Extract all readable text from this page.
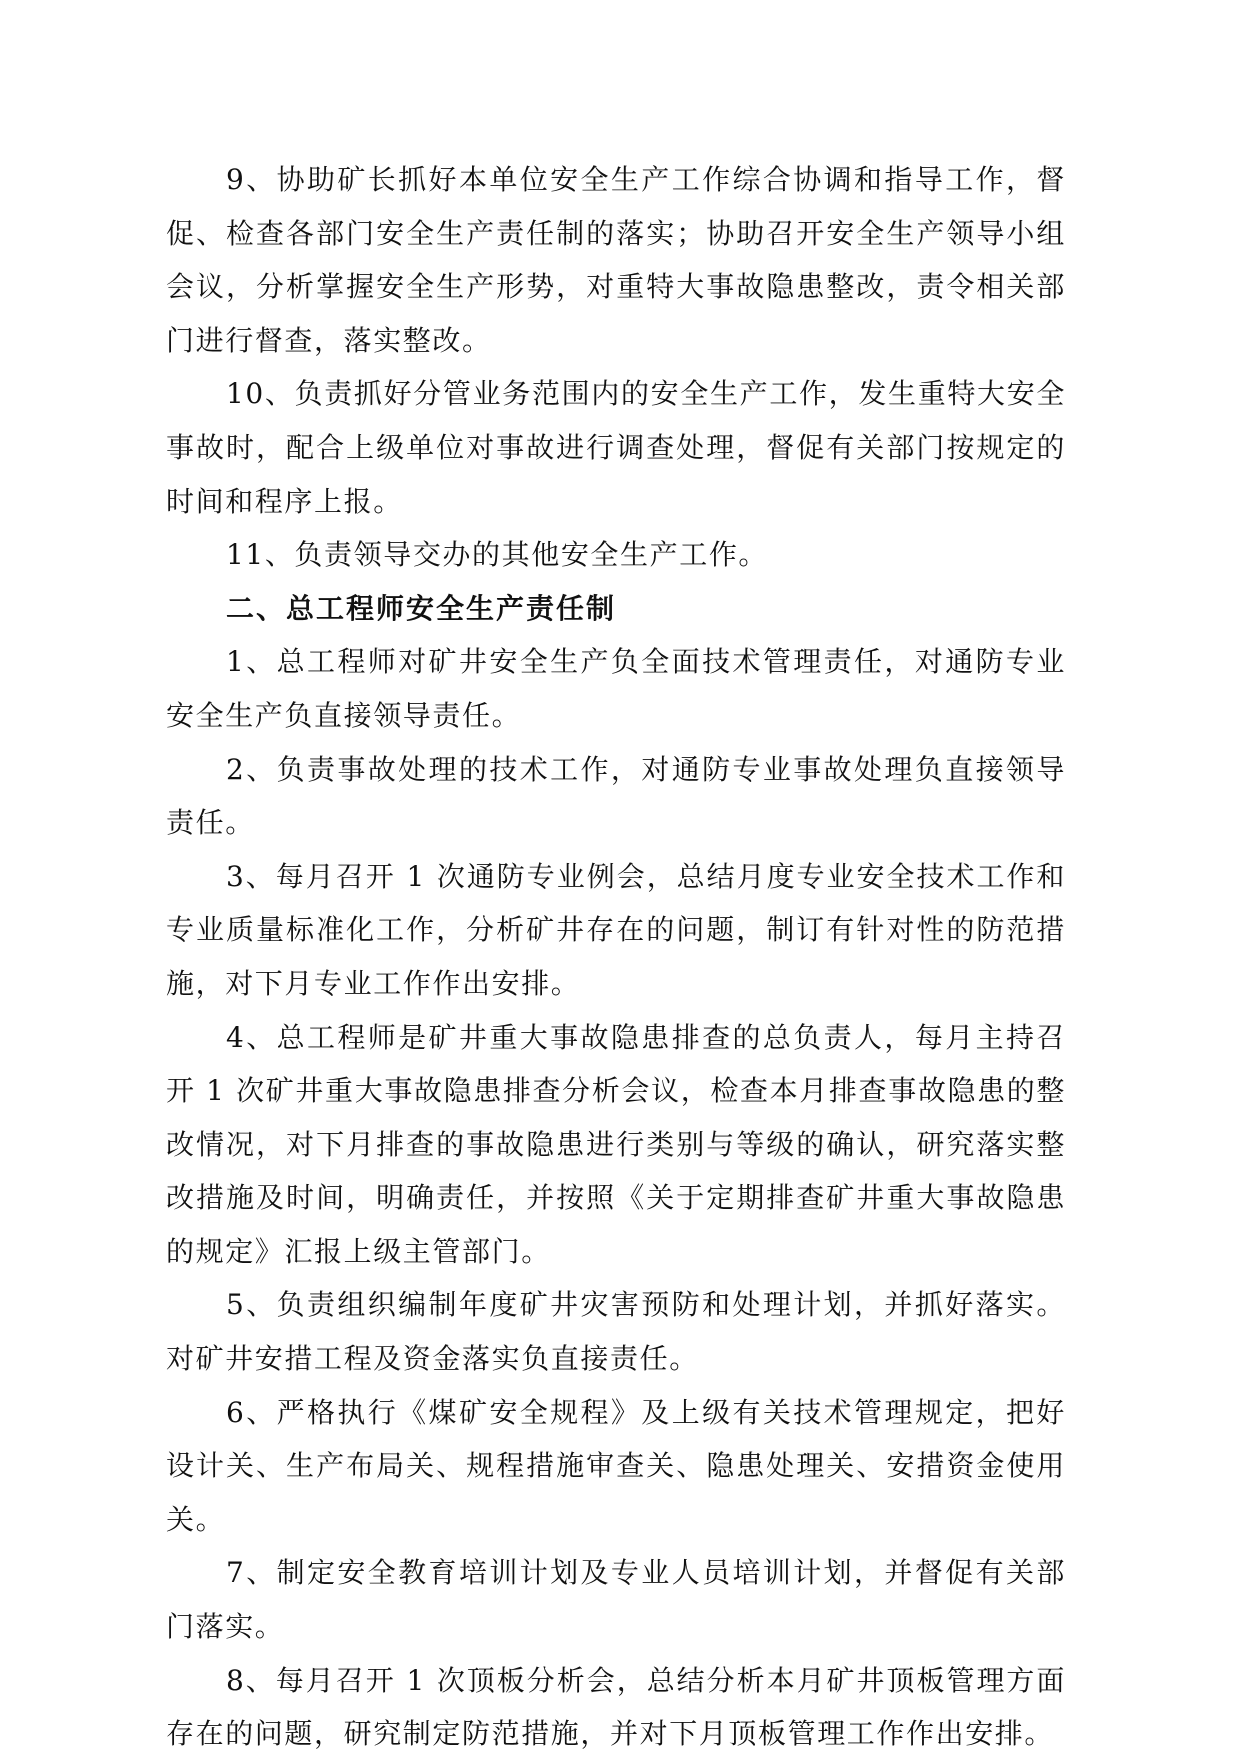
9、协助矿长抓好本单位安全生产工作综合协调和指导工作，督促、检查各部门安全生产责任制的落实；协助召开安全生产领导小组会议，分析掌握安全生产形势，对重特大事故隐患整改，责令相关部门进行督查，落实整改。

10、负责抓好分管业务范围内的安全生产工作，发生重特大安全事故时，配合上级单位对事故进行调查处理，督促有关部门按规定的时间和程序上报。

11、负责领导交办的其他安全生产工作。

二、总工程师安全生产责任制

1、总工程师对矿井安全生产负全面技术管理责任，对通防专业安全生产负直接领导责任。

2、负责事故处理的技术工作，对通防专业事故处理负直接领导责任。

3、每月召开 1 次通防专业例会，总结月度专业安全技术工作和专业质量标准化工作，分析矿井存在的问题，制订有针对性的防范措施，对下月专业工作作出安排。

4、总工程师是矿井重大事故隐患排查的总负责人，每月主持召开 1 次矿井重大事故隐患排查分析会议，检查本月排查事故隐患的整改情况，对下月排查的事故隐患进行类别与等级的确认，研究落实整改措施及时间，明确责任，并按照《关于定期排查矿井重大事故隐患的规定》汇报上级主管部门。

5、负责组织编制年度矿井灾害预防和处理计划，并抓好落实。对矿井安措工程及资金落实负直接责任。

6、严格执行《煤矿安全规程》及上级有关技术管理规定，把好设计关、生产布局关、规程措施审查关、隐患处理关、安措资金使用关。

7、制定安全教育培训计划及专业人员培训计划，并督促有关部门落实。

8、每月召开 1 次顶板分析会，总结分析本月矿井顶板管理方面存在的问题，研究制定防范措施，并对下月顶板管理工作作出安排。
